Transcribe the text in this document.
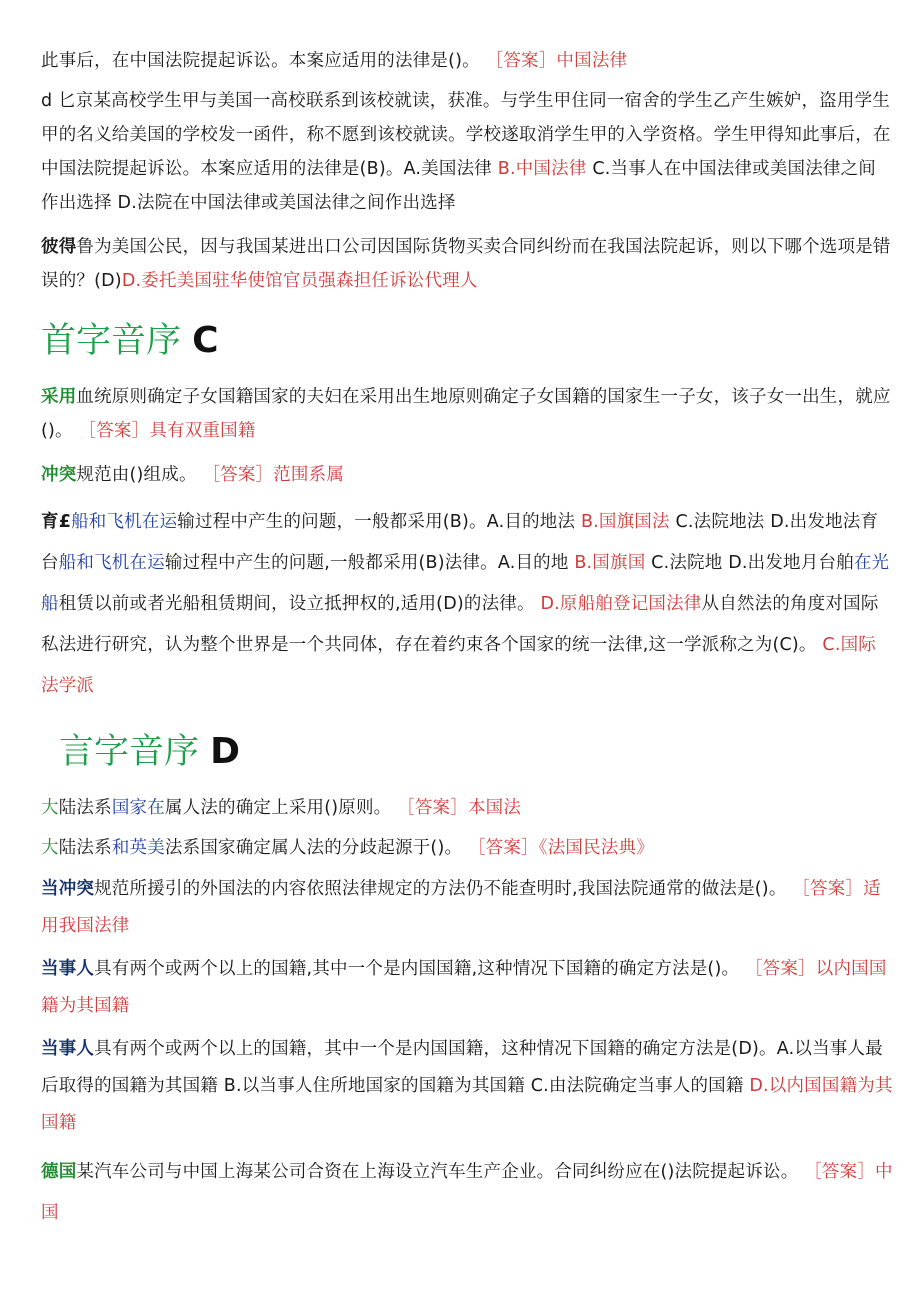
此事后，在中国法院提起诉讼。本案应适用的法律是()。 ［答案］中国法律

d 匕京某高校学生甲与美国一高校联系到该校就读，获准。与学生甲住同一宿舍的学生乙产生嫉妒，盗用学生甲的名义给美国的学校发一函件，称不愿到该校就读。学校遂取消学生甲的入学资格。学生甲得知此事后，在中国法院提起诉讼。本案应适用的法律是(B)。A.美国法律 B.中国法律 C.当事人在中国法律或美国法律之间作出选择 D.法院在中国法律或美国法律之间作出选择

彼得鲁为美国公民，因与我国某进出口公司因国际货物买卖合同纠纷而在我国法院起诉，则以下哪个选项是错误的？(D)D.委托美国驻华使馆官员强森担任诉讼代理人

首字音序 C

采用血统原则确定子女国籍国家的夫妇在采用出生地原则确定子女国籍的国家生一子女，该子女一出生，就应()。 ［答案］具有双重国籍

冲突规范由()组成。 ［答案］范围系属

育£船和飞机在运输过程中产生的问题，一般都采用(B)。A.目的地法 B.国旗国法 C.法院地法 D.出发地法育台船和飞机在运输过程中产生的问题,一般都采用(B)法律。A.目的地 B.国旗国 C.法院地 D.出发地月台舶在光船租赁以前或者光船租赁期间，设立抵押权的,适用(D)的法律。 D.原船舶登记国法律从自然法的角度对国际私法进行研究，认为整个世界是一个共同体，存在着约束各个国家的统一法律,这一学派称之为(C)。 C.国际法学派

言字音序 D

大陆法系国家在属人法的确定上采用()原则。 ［答案］本国法

大陆法系和英美法系国家确定属人法的分歧起源于()。 ［答案］《法国民法典》

当冲突规范所援引的外国法的内容依照法律规定的方法仍不能查明时,我国法院通常的做法是()。 ［答案］适用我国法律

当事人具有两个或两个以上的国籍,其中一个是内国国籍,这种情况下国籍的确定方法是()。 ［答案］以内国国籍为其国籍

当事人具有两个或两个以上的国籍，其中一个是内国国籍，这种情况下国籍的确定方法是(D)。A.以当事人最后取得的国籍为其国籍 B.以当事人住所地国家的国籍为其国籍 C.由法院确定当事人的国籍 D.以内国国籍为其国籍

德国某汽车公司与中国上海某公司合资在上海设立汽车生产企业。合同纠纷应在()法院提起诉讼。 ［答案］中国
